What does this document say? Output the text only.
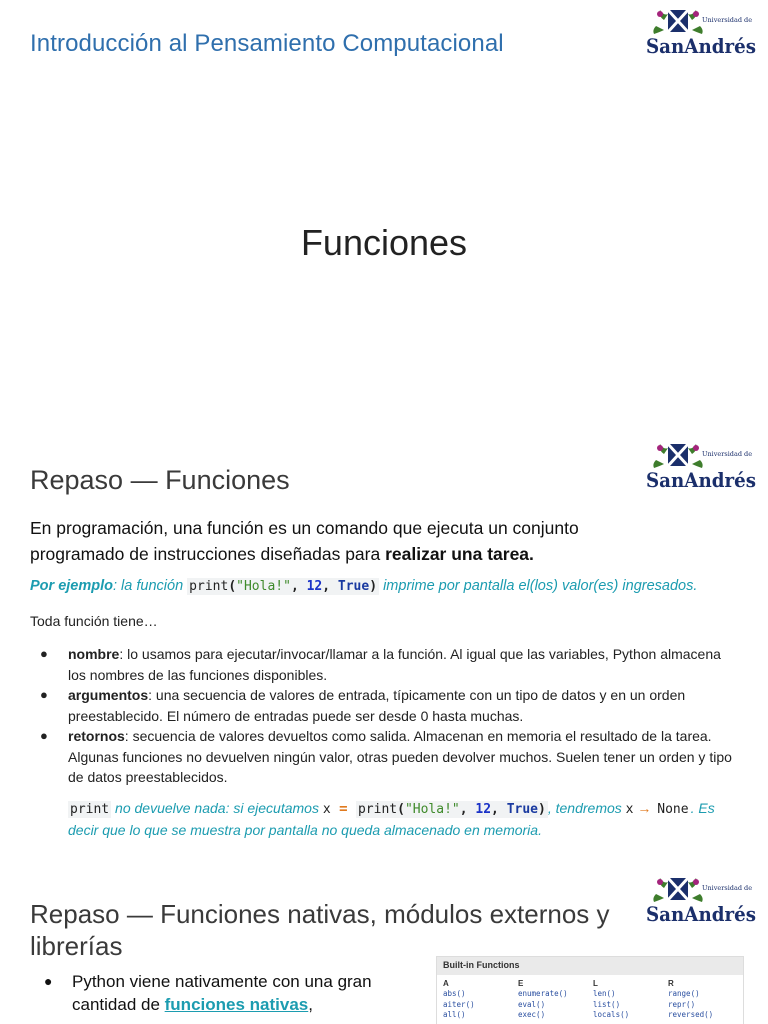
Introducción al Pensamiento Computacional
Universidad de
SanAndrés
Funciones
Repaso — Funciones
Universidad de
SanAndrés

En programación, una función es un comando que ejecuta un conjunto programado de instrucciones diseñadas para realizar una tarea.

Por ejemplo: la función print("Hola!", 12, True) imprime por pantalla el(los) valor(es) ingresados.

Toda función tiene…

● nombre: lo usamos para ejecutar/invocar/llamar a la función. Al igual que las variables, Python almacena los nombres de las funciones disponibles.
● argumentos: una secuencia de valores de entrada, típicamente con un tipo de datos y en un orden preestablecido. El número de entradas puede ser desde 0 hasta muchas.
● retornos: secuencia de valores devueltos como salida. Almacenan en memoria el resultado de la tarea. Algunas funciones no devuelven ningún valor, otras pueden devolver muchos. Suelen tener un orden y tipo de datos preestablecidos.

print no devuelve nada: si ejecutamos x = print("Hola!", 12, True) , tendremos x → None . Es decir que lo que se muestra por pantalla no queda almacenado en memoria.

Repaso — Funciones nativas, módulos externos y librerías
Universidad de
SanAndrés
●	Python viene nativamente con una gran cantidad de funciones nativas,
Built-in Functions
A
abs()
aiter()
all()
E
enumerate()
eval()
exec()
L
len()
list()
locals()
R
range()
repr()
reversed()
